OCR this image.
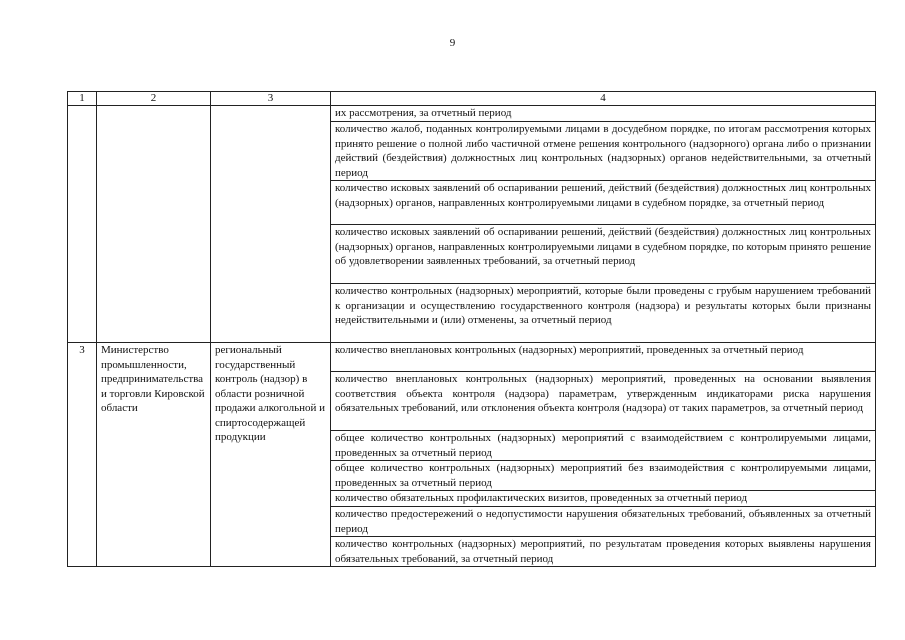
9
1	2	3	4
			их рассмотрения, за отчетный период
			количество жалоб, поданных контролируемыми лицами в досудебном порядке, по итогам рассмотрения которых принято решение о полной либо частичной отмене решения контрольного (надзорного) органа либо о признании действий (бездействия) должностных лиц контрольных (надзорных) органов недействительными, за отчетный период
			количество исковых заявлений об оспаривании решений, действий (бездействия) должностных лиц контрольных (надзорных) органов, направленных контролируемыми лицами в судебном порядке, за отчетный период
			количество исковых заявлений об оспаривании решений, действий (бездействия) должностных лиц контрольных (надзорных) органов, направленных контролируемыми лицами в судебном порядке, по которым принято решение об удовлетворении заявленных требований, за отчетный период
			количество контрольных (надзорных) мероприятий, которые были проведены с грубым нарушением требований к организации и осуществлению государственного контроля (надзора) и результаты которых были признаны недействительными и (или) отменены, за отчетный период
3	Министерство промышленности, предпринимательства и торговли Кировской области	региональный государственный контроль (надзор) в области розничной продажи алкогольной и спиртосодержащей продукции	количество внеплановых контрольных (надзорных) мероприятий, проведенных за отчетный период
			количество внеплановых контрольных (надзорных) мероприятий, проведенных на основании выявления соответствия объекта контроля (надзора) параметрам, утвержденным индикаторами риска нарушения обязательных требований, или отклонения объекта контроля (надзора) от таких параметров, за отчетный период
			общее количество контрольных (надзорных) мероприятий с взаимодействием с контролируемыми лицами, проведенных за отчетный период
			общее количество контрольных (надзорных) мероприятий без взаимодействия с контролируемыми лицами, проведенных за отчетный период
			количество обязательных профилактических визитов, проведенных за отчетный период
			количество предостережений о недопустимости нарушения обязательных требований, объявленных за отчетный период
			количество контрольных (надзорных) мероприятий, по результатам проведения которых выявлены нарушения обязательных требований, за отчетный период
